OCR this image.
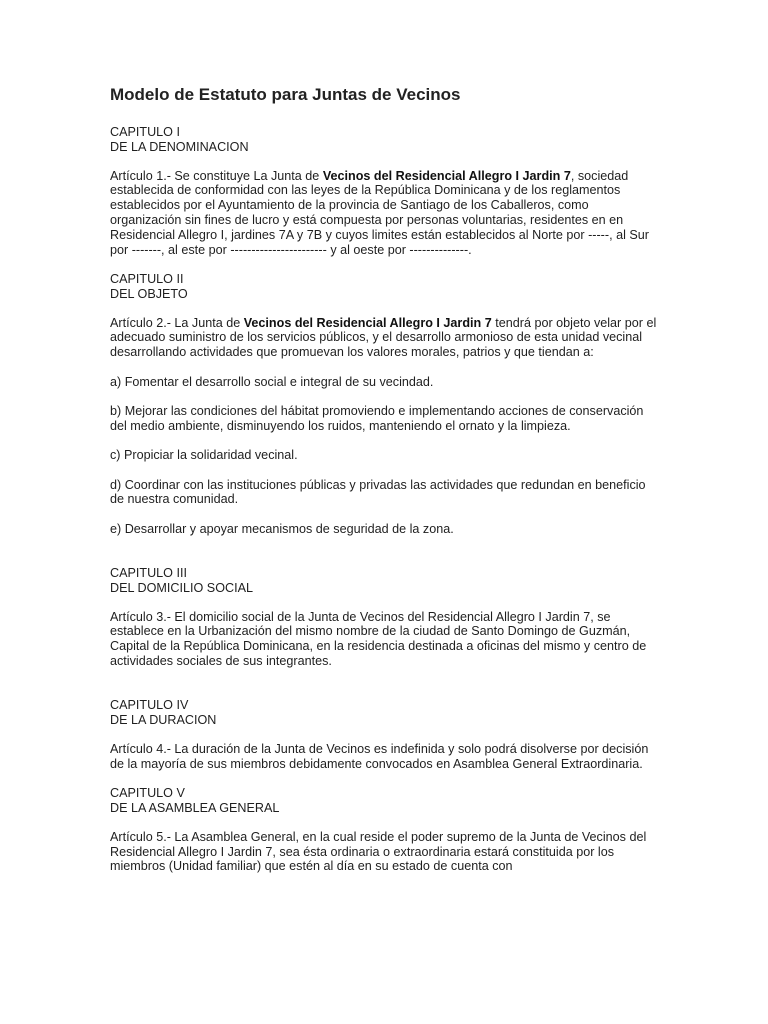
Modelo de Estatuto para Juntas de Vecinos
CAPITULO I
DE LA DENOMINACION

Artículo 1.- Se constituye La Junta de Vecinos del Residencial Allegro I Jardin 7, sociedad establecida de conformidad con las leyes de la República Dominicana y de los reglamentos establecidos por el Ayuntamiento de la provincia de Santiago de los Caballeros, como organización sin fines de lucro y está compuesta por personas voluntarias, residentes en en Residencial Allegro I, jardines 7A y 7B y cuyos limites están establecidos al Norte por -----, al Sur por -------, al este por ----------------------- y al oeste por --------------.

CAPITULO II
DEL OBJETO

Artículo 2.- La Junta de Vecinos del Residencial Allegro I Jardin 7 tendrá por objeto velar por el adecuado suministro de los servicios públicos, y el desarrollo armonioso de esta unidad vecinal desarrollando actividades que promuevan los valores morales, patrios y que tiendan a:

a) Fomentar el desarrollo social e integral de su vecindad.

b) Mejorar las condiciones del hábitat promoviendo e implementando acciones de conservación del medio ambiente, disminuyendo los ruidos, manteniendo el ornato y la limpieza.

c) Propiciar la solidaridad vecinal.

d) Coordinar con las instituciones públicas y privadas las actividades que redundan en beneficio de nuestra comunidad.

e) Desarrollar y apoyar mecanismos de seguridad de la zona.

CAPITULO III
DEL DOMICILIO SOCIAL

Artículo 3.- El domicilio social de la Junta de Vecinos del Residencial Allegro I Jardin 7, se establece en la Urbanización del mismo nombre de la ciudad de Santo Domingo de Guzmán, Capital de la República Dominicana, en la residencia destinada a oficinas del mismo y centro de actividades sociales de sus integrantes.

CAPITULO IV
DE LA DURACION

Artículo 4.- La duración de la Junta de Vecinos es indefinida y solo podrá disolverse por decisión de la mayoría de sus miembros debidamente convocados en Asamblea General Extraordinaria.

CAPITULO V
DE LA ASAMBLEA GENERAL

Artículo 5.- La Asamblea General, en la cual reside el poder supremo de la Junta de Vecinos del Residencial Allegro I Jardin 7, sea ésta ordinaria o extraordinaria estará constituida por los miembros (Unidad familiar) que estén al día en su estado de cuenta con
